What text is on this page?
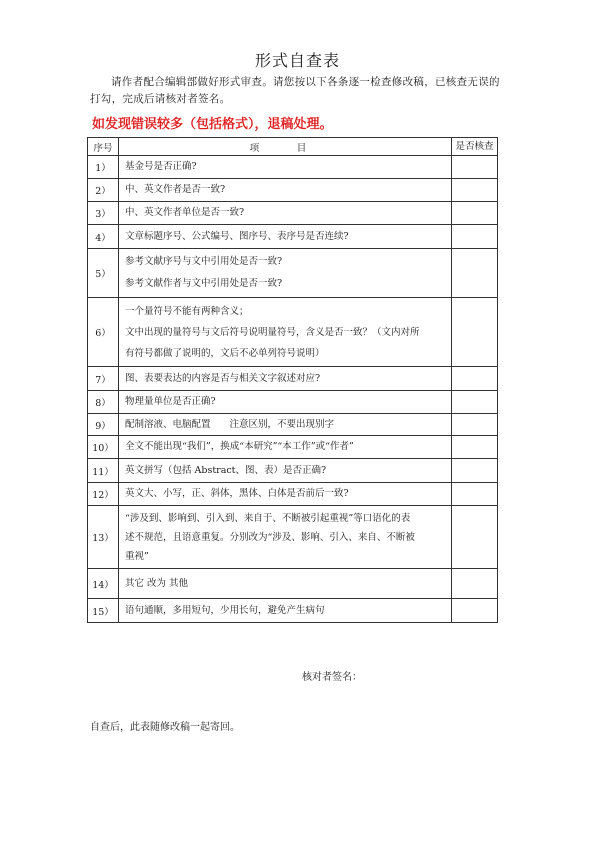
形式自查表
请作者配合编辑部做好形式审查。请您按以下各条逐一检查修改稿，已核查无误的打勾，完成后请核对者签名。
如发现错误较多（包括格式），退稿处理。
序号	项　目	是否核查
1）	基金号是否正确?	

2）	中、英文作者是否一致?	

3）	中、英文作者单位是否一致?	

4）	文章标题序号、公式编号、图序号、表序号是否连续?	

5）	参考文献序号与文中引用处是否一致?
参考文献作者与文中引用处是否一致?	

6）	一个量符号不能有两种含义；
文中出现的量符号与文后符号说明量符号，含义是否一致？（文内对所
有符号都做了说明的，文后不必单列符号说明）	

7）	图、表要表达的内容是否与相关文字叙述对应?	

8）	物理量单位是否正确?	

9）	配制溶液、电脑配置　　注意区别，不要出现别字	

10）	全文不能出现“我们”，换成“本研究”“本工作”或“作者”	

11）	英文拼写（包括 Abstract、图、表）是否正确?	

12）	英文大、小写，正、斜体，黑体、白体是否前后一致?	

13）	“涉及到、影响到、引入到、来自于、不断被引起重视”等口语化的表
述不规范，且语意重复。分别改为“涉及、影响、引入、来自、不断被
重视”	

14）	其它 改为 其他	

15）	语句通顺，多用短句，少用长句，避免产生病句	

核对者签名：
自查后，此表随修改稿一起寄回。
